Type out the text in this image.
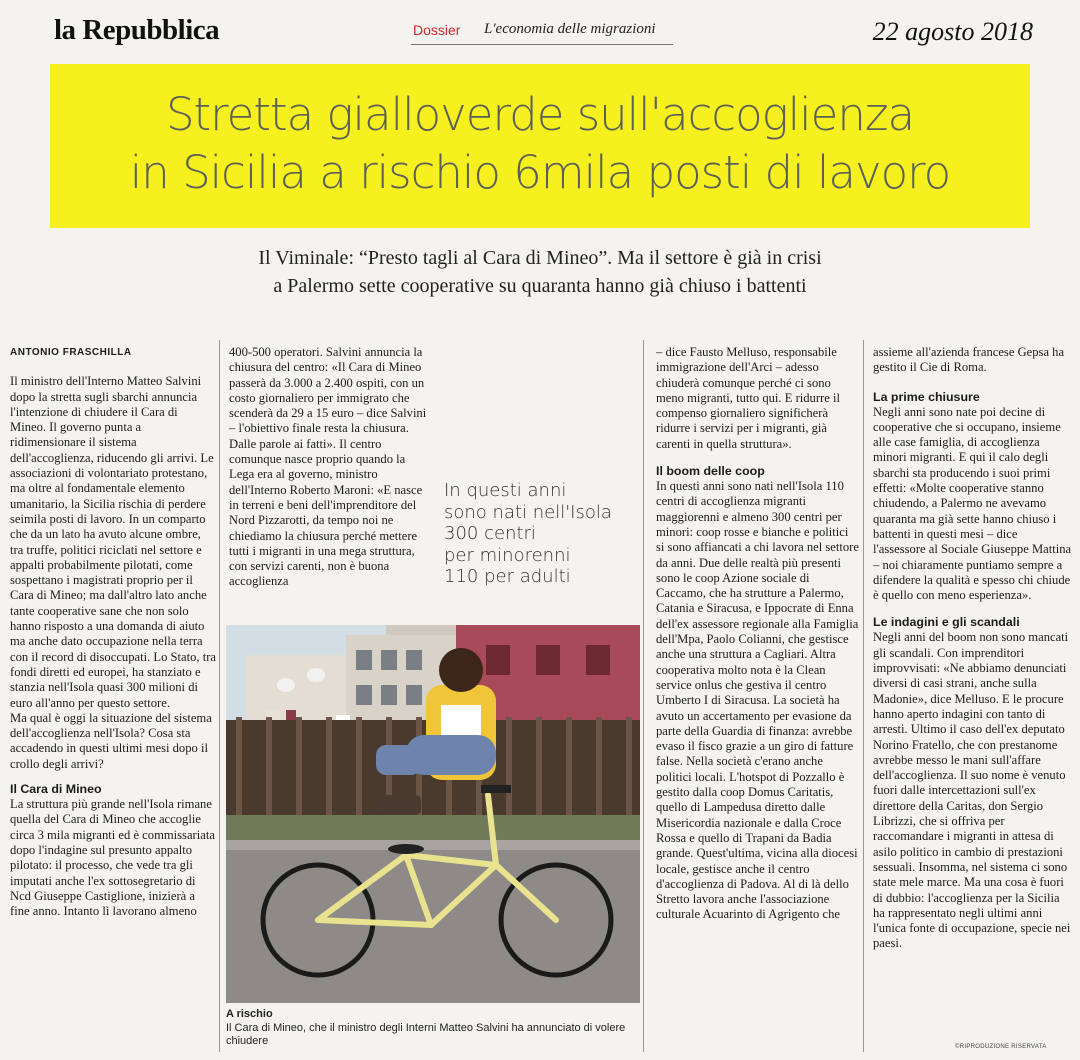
la Repubblica	Dossier L'economia delle migrazioni	22 agosto 2018
Stretta gialloverde sull'accoglienza
in Sicilia a rischio 6mila posti di lavoro
Il Viminale: “Presto tagli al Cara di Mineo”. Ma il settore è già in crisi
a Palermo sette cooperative su quaranta hanno già chiuso i battenti
ANTONIO FRASCHILLA

Il ministro dell'Interno Matteo Salvini dopo la stretta sugli sbarchi annuncia l'intenzione di chiudere il Cara di Mineo. Il governo punta a ridimensionare il sistema dell'accoglienza, riducendo gli arrivi. Le associazioni di volontariato protestano, ma oltre al fondamentale elemento umanitario, la Sicilia rischia di perdere seimila posti di lavoro. In un comparto che da un lato ha avuto alcune ombre, tra truffe, politici riciclati nel settore e appalti probabilmente pilotati, come sospettano i magistrati proprio per il Cara di Mineo; ma dall'altro lato anche tante cooperative sane che non solo hanno risposto a una domanda di aiuto ma anche dato occupazione nella terra con il record di disoccupati. Lo Stato, tra fondi diretti ed europei, ha stanziato e stanzia nell'Isola quasi 300 milioni di euro all'anno per questo settore.

Ma qual è oggi la situazione del sistema dell'accoglienza nell'Isola? Cosa sta accadendo in questi ultimi mesi dopo il crollo degli arrivi?

Il Cara di Mineo

La struttura più grande nell'Isola rimane quella del Cara di Mineo che accoglie circa 3 mila migranti ed è commissariata dopo l'indagine sul presunto appalto pilotato: il processo, che vede tra gli imputati anche l'ex sottosegretario di Ncd Giuseppe Castiglione, inizierà a fine anno. Intanto lì lavorano almeno

400-500 operatori. Salvini annuncia la chiusura del centro: «Il Cara di Mineo passerà da 3.000 a 2.400 ospiti, con un costo giornaliero per immigrato che scenderà da 29 a 15 euro – dice Salvini – l'obiettivo finale resta la chiusura. Dalle parole ai fatti». Il centro comunque nasce proprio quando la Lega era al governo, ministro dell'Interno Roberto Maroni: «E nasce in terreni e beni dell'imprenditore del Nord Pizzarotti, da tempo noi ne chiediamo la chiusura perché mettere tutti i migranti in una mega struttura, con servizi carenti, non è buona accoglienza

In questi anni
sono nati nell'Isola
300 centri
per minorenni
110 per adulti
A rischio
Il Cara di Mineo, che il ministro degli Interni Matteo Salvini ha annunciato di volere chiudere

– dice Fausto Melluso, responsabile immigrazione dell'Arci – adesso chiuderà comunque perché ci sono meno migranti, tutto qui. E ridurre il compenso giornaliero significherà ridurre i servizi per i migranti, già carenti in quella struttura».

Il boom delle coop

In questi anni sono nati nell'Isola 110 centri di accoglienza migranti maggiorenni e almeno 300 centri per minori: coop rosse e bianche e politici si sono affiancati a chi lavora nel settore da anni. Due delle realtà più presenti sono le coop Azione sociale di Caccamo, che ha strutture a Palermo, Catania e Siracusa, e Ippocrate di Enna dell'ex assessore regionale alla Famiglia dell'Mpa, Paolo Colianni, che gestisce anche una struttura a Cagliari. Altra cooperativa molto nota è la Clean service onlus che gestiva il centro Umberto I di Siracusa. La società ha avuto un accertamento per evasione da parte della Guardia di finanza: avrebbe evaso il fisco grazie a un giro di fatture false. Nella società c'erano anche politici locali. L'hotspot di Pozzallo è gestito dalla coop Domus Caritatis, quello di Lampedusa diretto dalle Misericordia nazionale e dalla Croce Rossa e quello di Trapani da Badia grande. Quest'ultima, vicina alla diocesi locale, gestisce anche il centro d'accoglienza di Padova. Al di là dello Stretto lavora anche l'associazione culturale Acuarinto di Agrigento che

assieme all'azienda francese Gepsa ha gestito il Cie di Roma.

La prime chiusure

Negli anni sono nate poi decine di cooperative che si occupano, insieme alle case famiglia, di accoglienza minori migranti. E qui il calo degli sbarchi sta producendo i suoi primi effetti: «Molte cooperative stanno chiudendo, a Palermo ne avevamo quaranta ma già sette hanno chiuso i battenti in questi mesi – dice l'assessore al Sociale Giuseppe Mattina – noi chiaramente puntiamo sempre a difendere la qualità e spesso chi chiude è quello con meno esperienza».

Le indagini e gli scandali

Negli anni del boom non sono mancati gli scandali. Con imprenditori improvvisati: «Ne abbiamo denunciati diversi di casi strani, anche sulla Madonie», dice Melluso. E le procure hanno aperto indagini con tanto di arresti. Ultimo il caso dell'ex deputato Norino Fratello, che con prestanome avrebbe messo le mani sull'affare dell'accoglienza. Il suo nome è venuto fuori dalle intercettazioni sull'ex direttore della Caritas, don Sergio Librizzi, che si offriva per raccomandare i migranti in attesa di asilo politico in cambio di prestazioni sessuali. Insomma, nel sistema ci sono state mele marce. Ma una cosa è fuori di dubbio: l'accoglienza per la Sicilia ha rappresentato negli ultimi anni l'unica fonte di occupazione, specie nei paesi.

©RIPRODUZIONE RISERVATA
